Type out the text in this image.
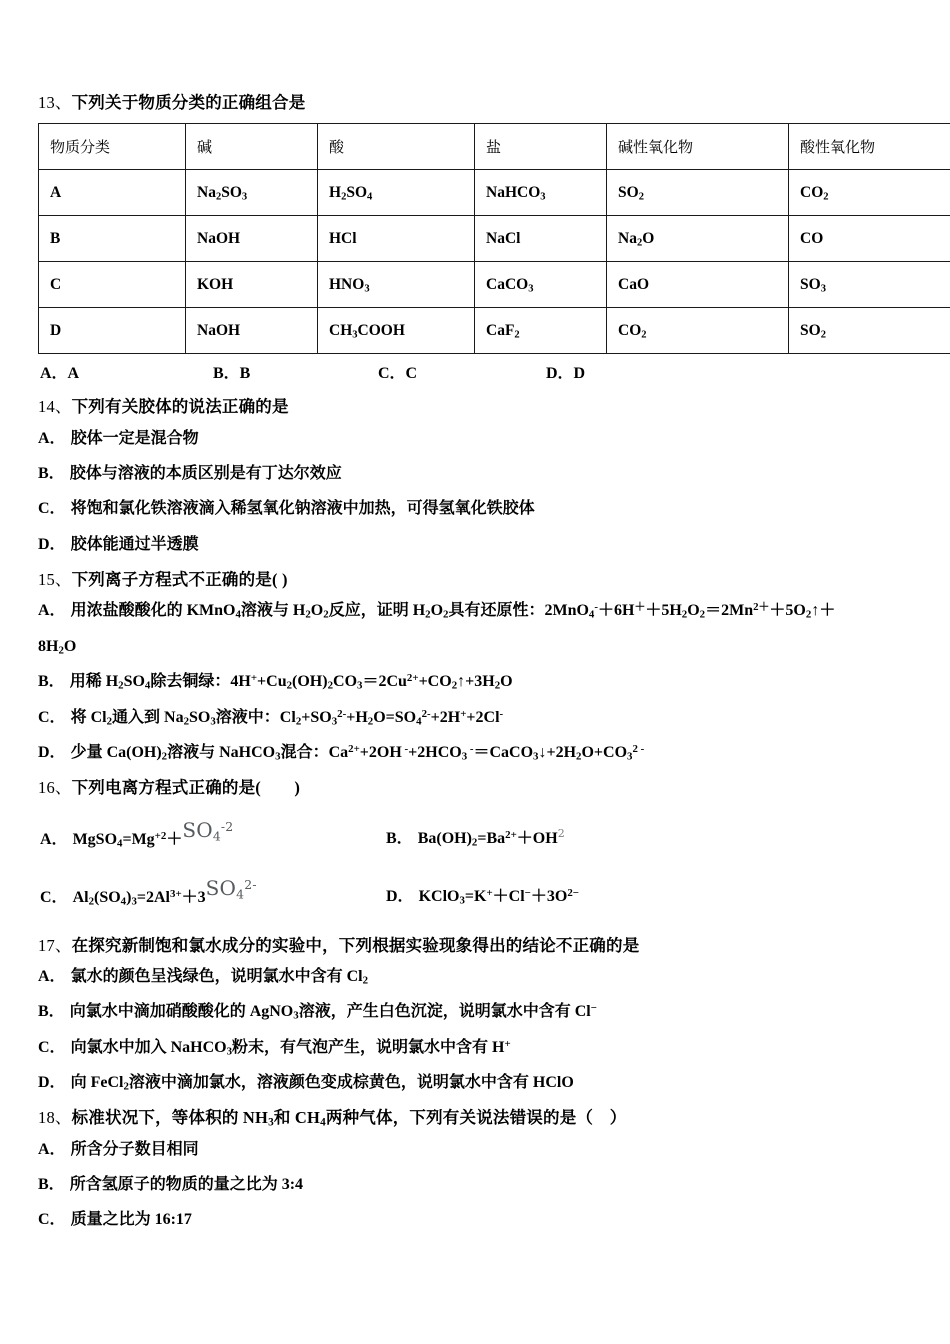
13、下列关于物质分类的正确组合是

物质分类	碱	酸	盐	碱性氧化物	酸性氧化物
A	$Na_2SO_3$	$H_2SO_4$	NaHCO$_3$	$SO_2$	$CO_2$
B	NaOH	HCl	NaCl	$Na_2O$	CO
C	KOH	$HNO_3$	CaCO$_3$	CaO	$SO_3$
D	NaOH	$CH_3COOH$	CaF$_2$	$CO_2$	$SO_2$
A．A	B．B	C．C	D．D

14、下列有关胶体的说法正确的是

A． 胶体一定是混合物

B． 胶体与溶液的本质区别是有丁达尔效应

C． 将饱和氯化铁溶液滴入稀氢氧化钠溶液中加热，可得氢氧化铁胶体

D． 胶体能通过半透膜

15、下列离子方程式不正确的是( )

A． 用浓盐酸酸化的 KMnO$_4$溶液与 $H_2O_2$反应，证明 $H_2O_2$具有还原性：$2MnO_4^-+6H^++5H_2O_2=2Mn^{2+}+5O_2↑+$

$8H_2O$

B． 用稀 $H_2SO_4$除去铜绿：$4H^++Cu_2(OH)_2CO_3=2Cu^{2+}+CO_2↑+3H_2O$

C． 将 $Cl_2$通入到 $Na_2SO_3$溶液中：$Cl_2+SO_3^{2-}+H_2O=SO_4^{2-}+2H^++2Cl^-$

D． 少量 $Ca(OH)_2$溶液与 NaHCO$_3$混合：$Ca^{2+}+2OH$ $^-+2HCO_3$ $^-=CaCO_3↓+2H_2O+CO_3^{2 -}$

16、下列电离方程式正确的是(　　)

A． $MgSO_4=Mg^{+2}+SO_4^{-2}$
B． $Ba(OH)_2=Ba^{2+}+OH^2$
C． $Al_2(SO_4)_3=2Al^{3+}+3SO_4^{2-}$
D． $KClO_3=K^++Cl^-+3O^{2-}$

17、在探究新制饱和氯水成分的实验中，下列根据实验现象得出的结论不正确的是

A． 氯水的颜色呈浅绿色，说明氯水中含有 $Cl_2$

B． 向氯水中滴加硝酸酸化的 AgNO$_3$溶液，产生白色沉淀，说明氯水中含有 Cl−

C． 向氯水中加入 NaHCO$_3$粉末，有气泡产生，说明氯水中含有 H+

D． 向 FeCl$_2$溶液中滴加氯水，溶液颜色变成棕黄色，说明氯水中含有 HClO

18、标准状况下，等体积的 $NH_3$和 $CH_4$两种气体，下列有关说法错误的是（　）

A． 所含分子数目相同

B． 所含氢原子的物质的量之比为 3:4

C． 质量之比为 16:17
